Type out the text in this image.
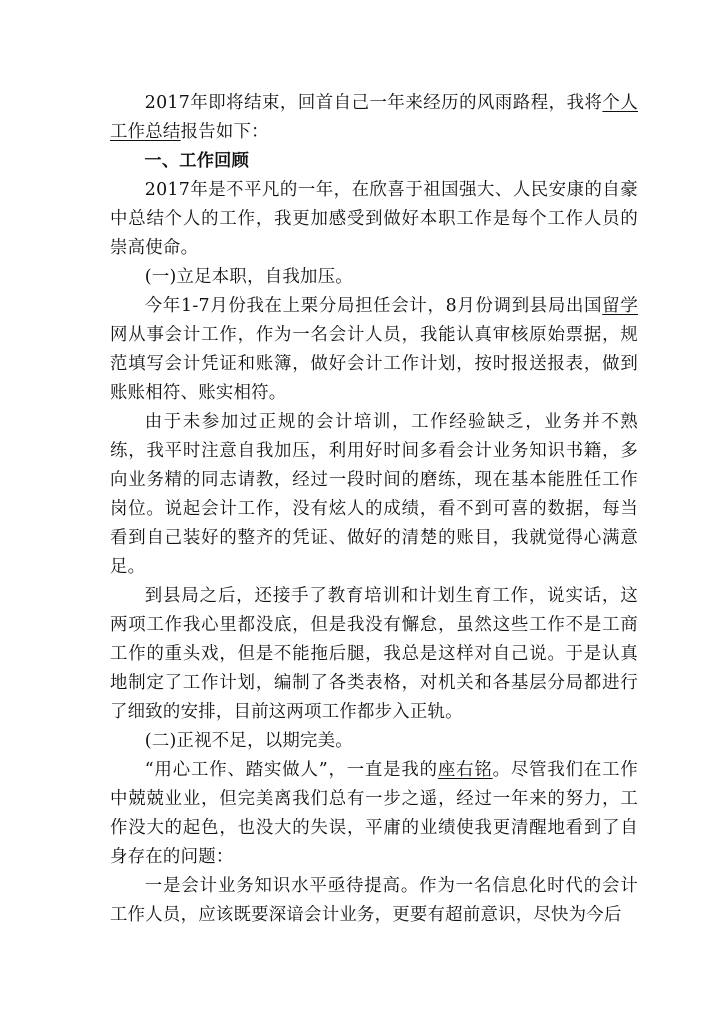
2017年即将结束，回首自己一年来经历的风雨路程，我将个人工作总结报告如下：

一、工作回顾

2017年是不平凡的一年，在欣喜于祖国强大、人民安康的自豪中总结个人的工作，我更加感受到做好本职工作是每个工作人员的崇高使命。

(一)立足本职，自我加压。

今年1-7月份我在上栗分局担任会计，8月份调到县局出国留学网从事会计工作，作为一名会计人员，我能认真审核原始票据，规范填写会计凭证和账簿，做好会计工作计划，按时报送报表，做到账账相符、账实相符。

由于未参加过正规的会计培训，工作经验缺乏，业务并不熟练，我平时注意自我加压，利用好时间多看会计业务知识书籍，多向业务精的同志请教，经过一段时间的磨练，现在基本能胜任工作岗位。说起会计工作，没有炫人的成绩，看不到可喜的数据，每当看到自己装好的整齐的凭证、做好的清楚的账目，我就觉得心满意足。

到县局之后，还接手了教育培训和计划生育工作，说实话，这两项工作我心里都没底，但是我没有懈怠，虽然这些工作不是工商工作的重头戏，但是不能拖后腿，我总是这样对自己说。于是认真地制定了工作计划，编制了各类表格，对机关和各基层分局都进行了细致的安排，目前这两项工作都步入正轨。

(二)正视不足，以期完美。

“用心工作、踏实做人”，一直是我的座右铭。尽管我们在工作中兢兢业业，但完美离我们总有一步之遥，经过一年来的努力，工作没大的起色，也没大的失误，平庸的业绩使我更清醒地看到了自身存在的问题：

一是会计业务知识水平亟待提高。作为一名信息化时代的会计工作人员，应该既要深谙会计业务，更要有超前意识，尽快为今后
